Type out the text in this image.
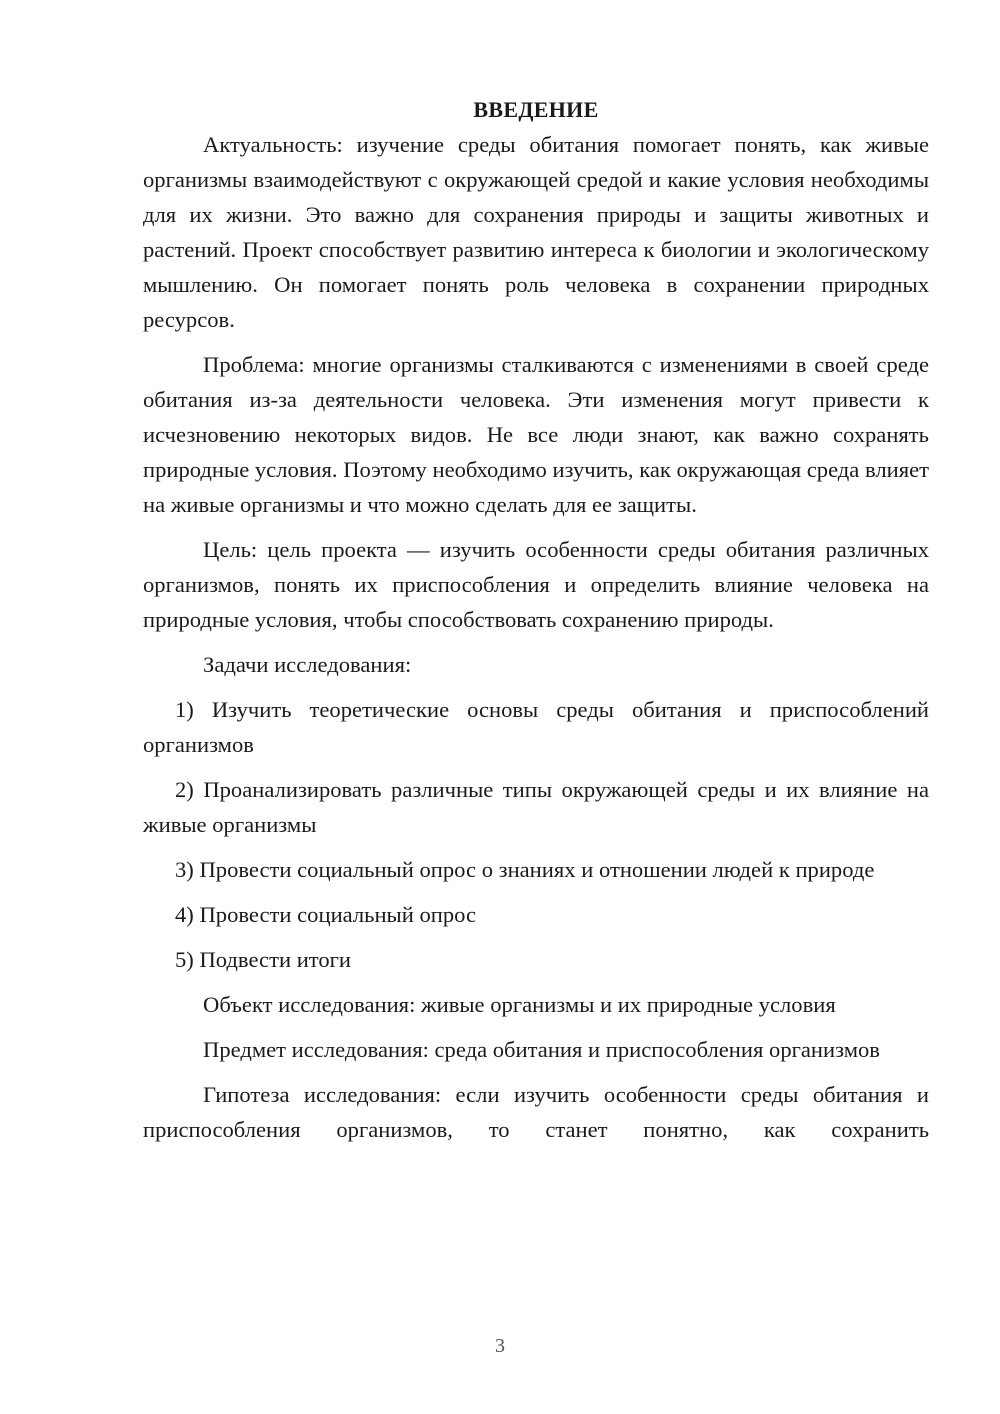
ВВЕДЕНИЕ

Актуальность: изучение среды обитания помогает понять, как живые организмы взаимодействуют с окружающей средой и какие условия необходимы для их жизни. Это важно для сохранения природы и защиты животных и растений. Проект способствует развитию интереса к биологии и экологическому мышлению. Он помогает понять роль человека в сохранении природных ресурсов.

Проблема: многие организмы сталкиваются с изменениями в своей среде обитания из-за деятельности человека. Эти изменения могут привести к исчезновению некоторых видов. Не все люди знают, как важно сохранять природные условия. Поэтому необходимо изучить, как окружающая среда влияет на живые организмы и что можно сделать для ее защиты.

Цель: цель проекта — изучить особенности среды обитания различных организмов, понять их приспособления и определить влияние человека на природные условия, чтобы способствовать сохранению природы.

Задачи исследования:

1) Изучить теоретические основы среды обитания и приспособлений организмов

2) Проанализировать различные типы окружающей среды и их влияние на живые организмы

3) Провести социальный опрос о знаниях и отношении людей к природе

4) Провести социальный опрос

5) Подвести итоги

Объект исследования: живые организмы и их природные условия

Предмет исследования: среда обитания и приспособления организмов

Гипотеза исследования: если изучить особенности среды обитания и приспособления организмов, то станет понятно, как сохранить

3
